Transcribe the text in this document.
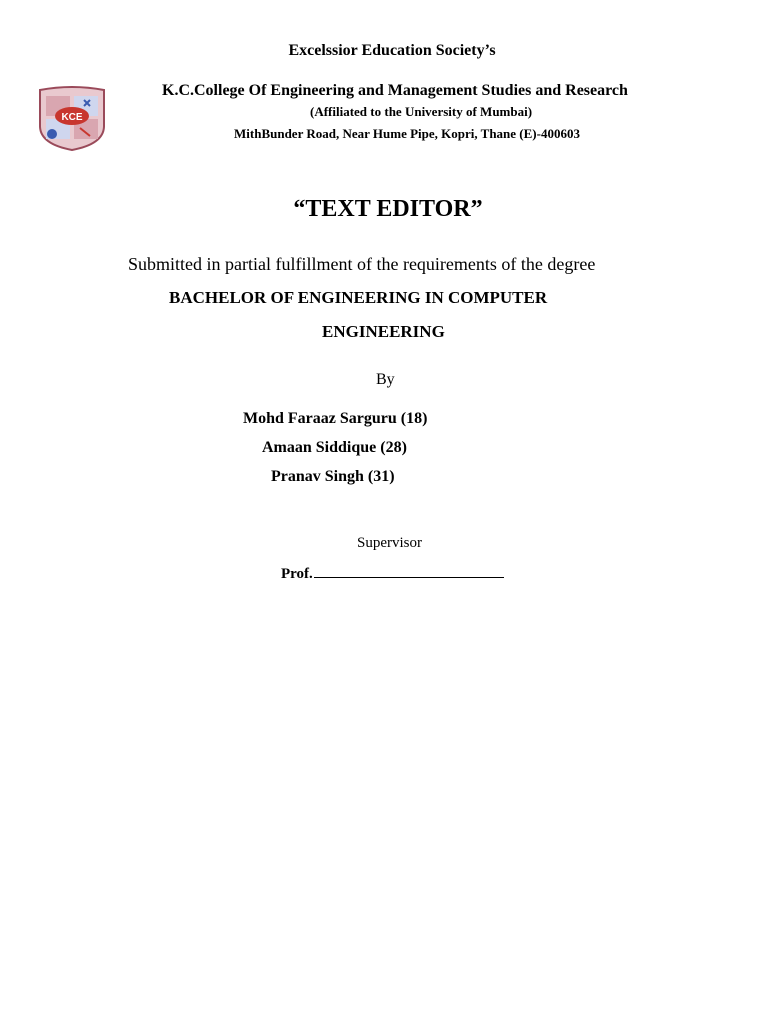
Excelssior Education Society’s
KCE
K.C.College Of Engineering and Management Studies and Research
(Affiliated to the University of Mumbai)
MithBunder Road, Near Hume Pipe, Kopri, Thane (E)-400603
“TEXT EDITOR”
Submitted in partial fulfillment of the requirements of the degree
BACHELOR OF ENGINEERING IN COMPUTER
ENGINEERING
By
Mohd Faraaz Sarguru (18)
Amaan Siddique (28)
Pranav Singh (31)
Supervisor
Prof.
